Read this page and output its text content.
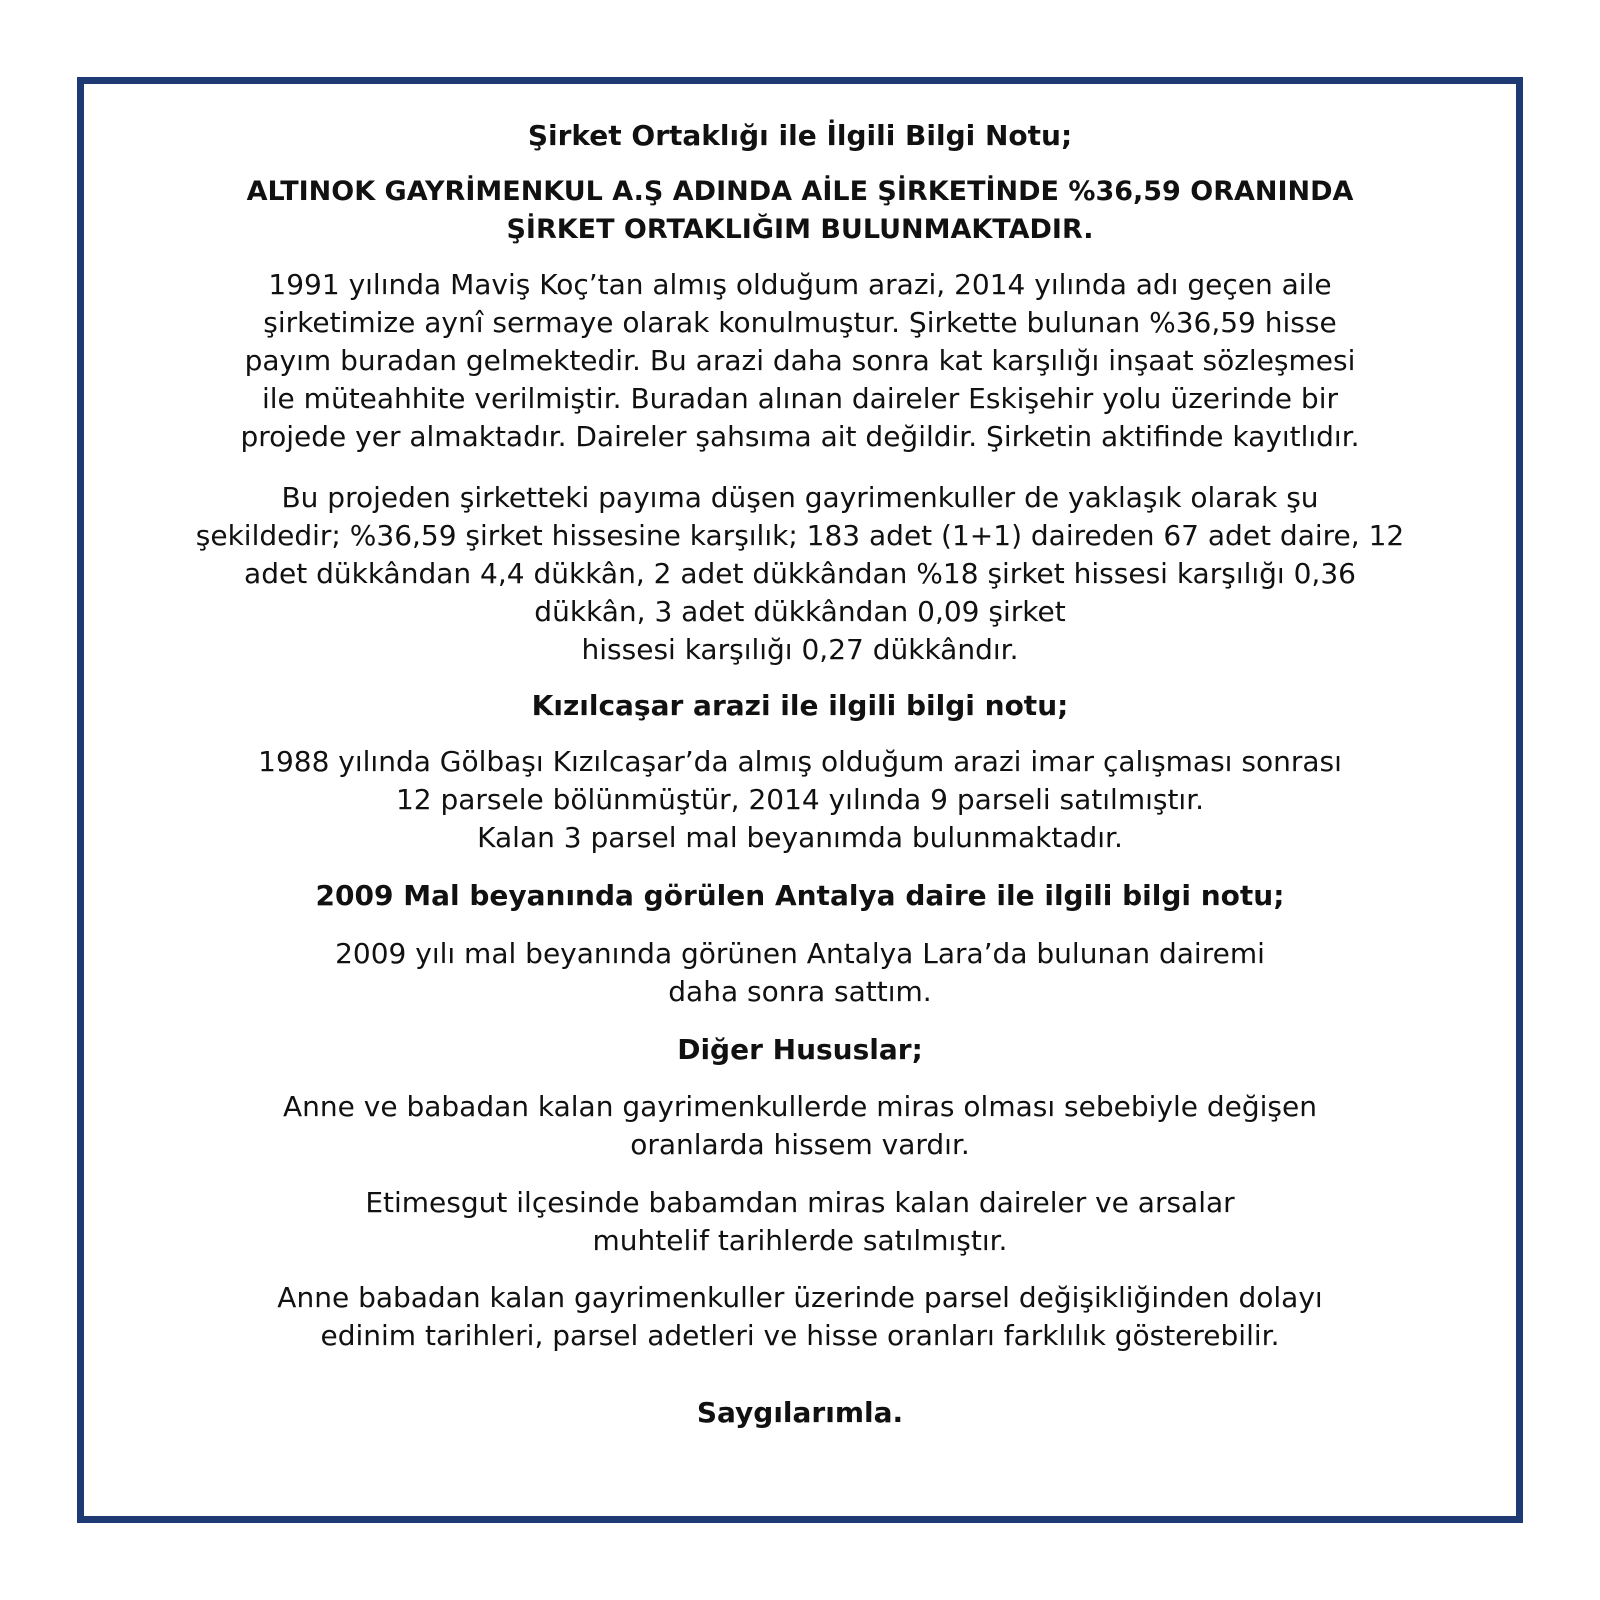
Şirket Ortaklığı ile İlgili Bilgi Notu;
ALTINOK GAYRİMENKUL A.Ş ADINDA AİLE ŞİRKETİNDE %36,59 ORANINDA
ŞİRKET ORTAKLIĞIM BULUNMAKTADIR.
1991 yılında Maviş Koç’tan almış olduğum arazi, 2014 yılında adı geçen aile
şirketimize aynî sermaye olarak konulmuştur. Şirkette bulunan %36,59 hisse
payım buradan gelmektedir. Bu arazi daha sonra kat karşılığı inşaat sözleşmesi
ile müteahhite verilmiştir. Buradan alınan daireler Eskişehir yolu üzerinde bir
projede yer almaktadır. Daireler şahsıma ait değildir. Şirketin aktifinde kayıtlıdır.
Bu projeden şirketteki payıma düşen gayrimenkuller de yaklaşık olarak şu
şekildedir; %36,59 şirket hissesine karşılık; 183 adet (1+1) daireden 67 adet daire, 12
adet dükkândan 4,4 dükkân, 2 adet dükkândan %18 şirket hissesi karşılığı 0,36
dükkân, 3 adet dükkândan 0,09 şirket
hissesi karşılığı 0,27 dükkândır.
Kızılcaşar arazi ile ilgili bilgi notu;
1988 yılında Gölbaşı Kızılcaşar’da almış olduğum arazi imar çalışması sonrası
12 parsele bölünmüştür, 2014 yılında 9 parseli satılmıştır.
Kalan 3 parsel mal beyanımda bulunmaktadır.
2009 Mal beyanında görülen Antalya daire ile ilgili bilgi notu;
2009 yılı mal beyanında görünen Antalya Lara’da bulunan dairemi
daha sonra sattım.
Diğer Hususlar;
Anne ve babadan kalan gayrimenkullerde miras olması sebebiyle değişen
oranlarda hissem vardır.
Etimesgut ilçesinde babamdan miras kalan daireler ve arsalar
muhtelif tarihlerde satılmıştır.
Anne babadan kalan gayrimenkuller üzerinde parsel değişikliğinden dolayı
edinim tarihleri, parsel adetleri ve hisse oranları farklılık gösterebilir.
Saygılarımla.
